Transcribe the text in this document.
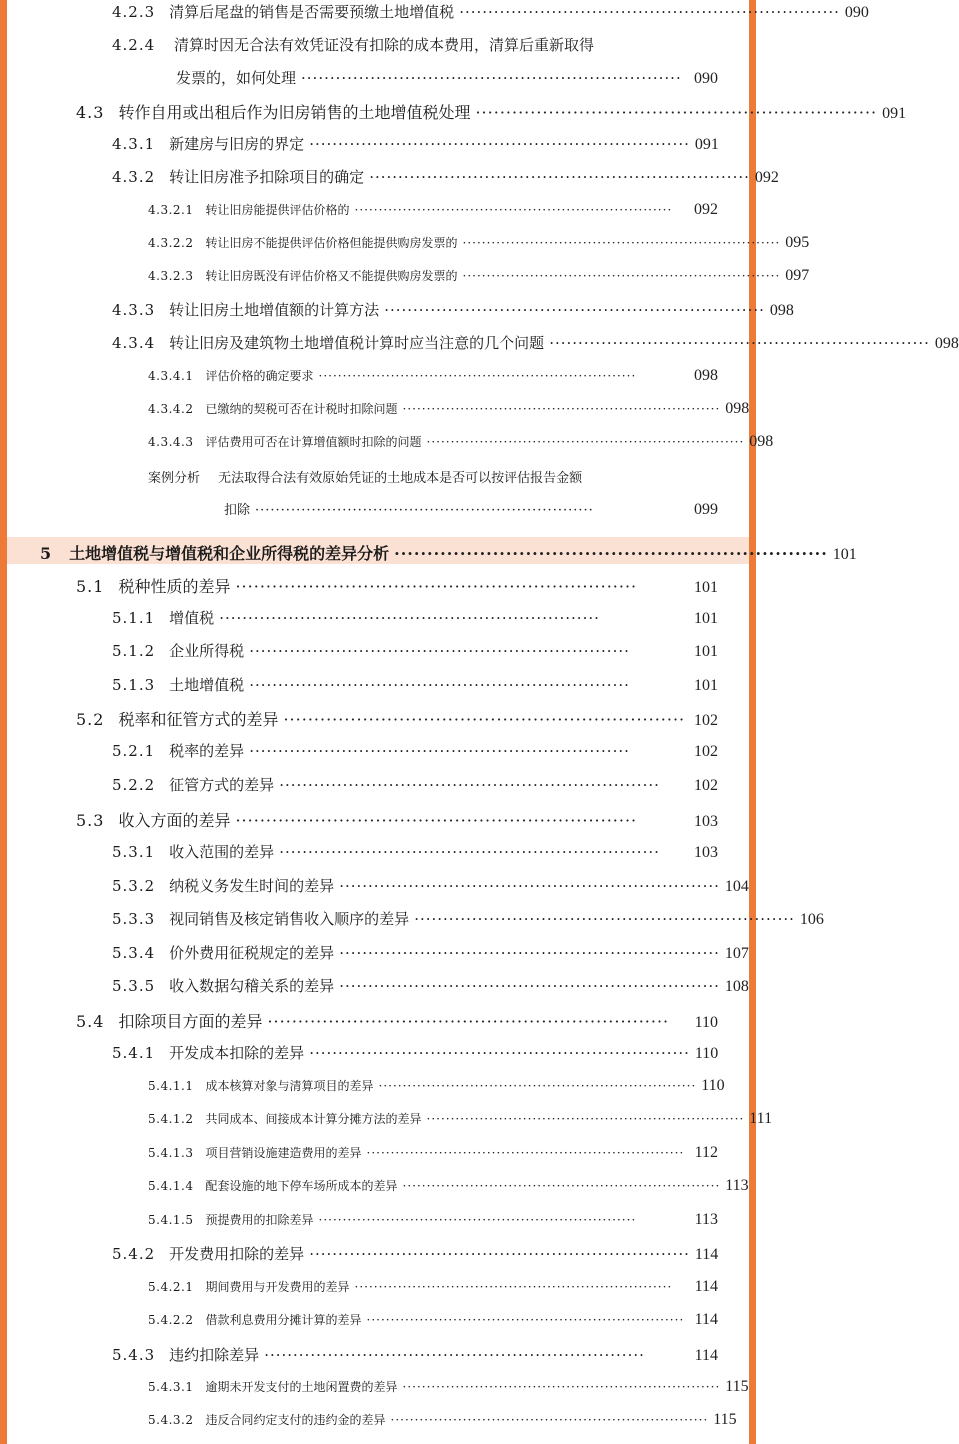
4.2.3 清算后尾盘的销售是否需要预缴土地增值税 ·································································· 090
4.2.4 清算时因无合法有效凭证没有扣除的成本费用，清算后重新取得
发票的，如何处理 ·································································· 090
4.3 转作自用或出租后作为旧房销售的土地增值税处理 ·································································· 091
4.3.1 新建房与旧房的界定 ·································································· 091
4.3.2 转让旧房准予扣除项目的确定 ·································································· 092
4.3.2.1	转让旧房能提供评估价格的 ··································································	092
4.3.2.2	转让旧房不能提供评估价格但能提供购房发票的 ·································································· 095
4.3.2.3	转让旧房既没有评估价格又不能提供购房发票的 ·································································· 097
4.3.3 转让旧房土地增值额的计算方法 ·································································· 098
4.3.4 转让旧房及建筑物土地增值税计算时应当注意的几个问题 ·································································· 098
4.3.4.1	评估价格的确定要求 ··································································	098
4.3.4.2	已缴纳的契税可否在计税时扣除问题 ·································································· 098
4.3.4.3	评估费用可否在计算增值额时扣除的问题 ·································································· 098
案例分析 无法取得合法有效原始凭证的土地成本是否可以按评估报告金额
扣除 ··································································	099
5	土地增值税与增值税和企业所得税的差异分析 ·································································· 101
5.1 税种性质的差异 ··································································	101
5.1.1 增值税 ··································································	101
5.1.2 企业所得税 ··································································	101
5.1.3 土地增值税 ··································································	101
5.2 税率和征管方式的差异 ·································································· 102
5.2.1 税率的差异 ··································································	102
5.2.2 征管方式的差异 ··································································	102
5.3 收入方面的差异 ··································································	103
5.3.1 收入范围的差异 ··································································	103
5.3.2 纳税义务发生时间的差异 ·································································· 104
5.3.3 视同销售及核定销售收入顺序的差异 ·································································· 106
5.3.4 价外费用征税规定的差异 ·································································· 107
5.3.5 收入数据勾稽关系的差异 ·································································· 108
5.4 扣除项目方面的差异 ··································································	110
5.4.1 开发成本扣除的差异 ·································································· 110
5.4.1.1	成本核算对象与清算项目的差异 ·································································· 110
5.4.1.2	共同成本、间接成本计算分摊方法的差异 ·································································· 111
5.4.1.3	项目营销设施建造费用的差异 ·································································· 112
5.4.1.4	配套设施的地下停车场所成本的差异 ·································································· 113
5.4.1.5	预提费用的扣除差异 ··································································	113
5.4.2 开发费用扣除的差异 ·································································· 114
5.4.2.1	期间费用与开发费用的差异 ··································································	114
5.4.2.2	借款利息费用分摊计算的差异 ·································································· 114
5.4.3 违约扣除差异 ··································································	114
5.4.3.1	逾期未开发支付的土地闲置费的差异 ·································································· 115
5.4.3.2	违反合同约定支付的违约金的差异 ·································································· 115
